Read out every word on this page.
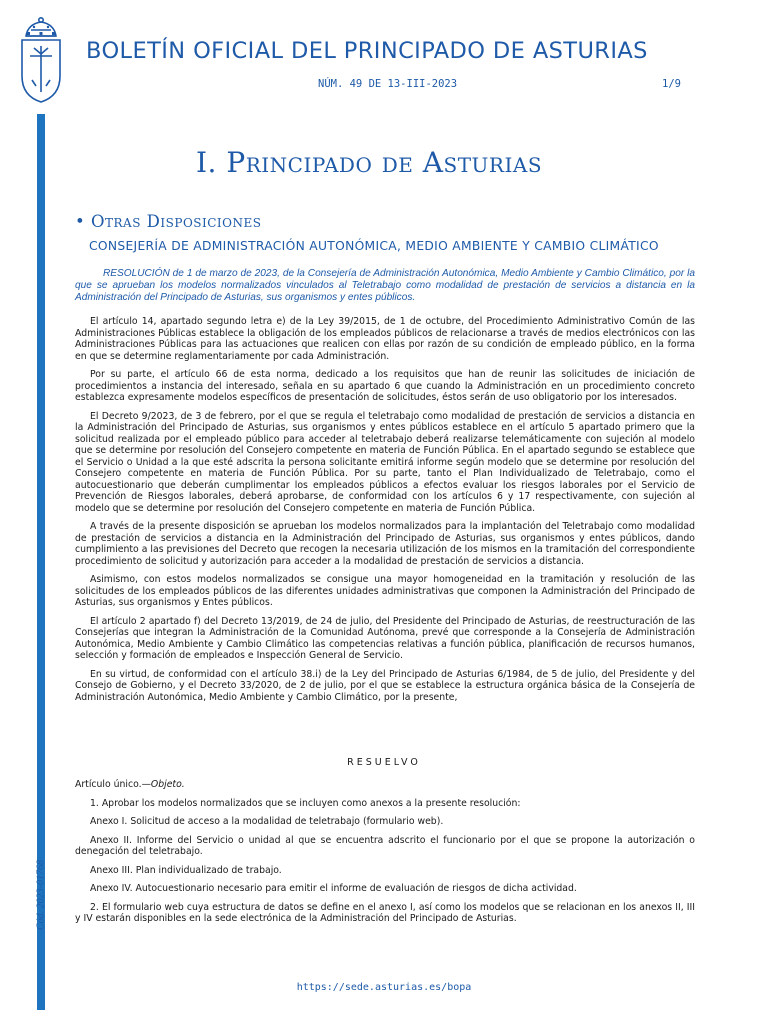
BOLETÍN OFICIAL DEL PRINCIPADO DE ASTURIAS
NÚM. 49 DE 13-III-2023	1/9
Cód. 2023-01768
I. Principado de Asturias
• Otras Disposiciones
CONSEJERÍA DE ADMINISTRACIÓN AUTONÓMICA, MEDIO AMBIENTE Y CAMBIO CLIMÁTICO
RESOLUCIÓN de 1 de marzo de 2023, de la Consejería de Administración Autonómica, Medio Ambiente y Cambio Climático, por la que se aprueban los modelos normalizados vinculados al Teletrabajo como modalidad de prestación de servicios a distancia en la Administración del Principado de Asturias, sus organismos y entes públicos.

El artículo 14, apartado segundo letra e) de la Ley 39/2015, de 1 de octubre, del Procedimiento Administrativo Común de las Administraciones Públicas establece la obligación de los empleados públicos de relacionarse a través de medios electrónicos con las Administraciones Públicas para las actuaciones que realicen con ellas por razón de su condición de empleado público, en la forma en que se determine reglamentariamente por cada Administración.

Por su parte, el artículo 66 de esta norma, dedicado a los requisitos que han de reunir las solicitudes de iniciación de procedimientos a instancia del interesado, señala en su apartado 6 que cuando la Administración en un procedimiento concreto establezca expresamente modelos específicos de presentación de solicitudes, éstos serán de uso obligatorio por los interesados.

El Decreto 9/2023, de 3 de febrero, por el que se regula el teletrabajo como modalidad de prestación de servicios a distancia en la Administración del Principado de Asturias, sus organismos y entes públicos establece en el artículo 5 apartado primero que la solicitud realizada por el empleado público para acceder al teletrabajo deberá realizarse telemáticamente con sujeción al modelo que se determine por resolución del Consejero competente en materia de Función Pública. En el apartado segundo se establece que el Servicio o Unidad a la que esté adscrita la persona solicitante emitirá informe según modelo que se determine por resolución del Consejero competente en materia de Función Pública. Por su parte, tanto el Plan Individualizado de Teletrabajo, como el autocuestionario que deberán cumplimentar los empleados públicos a efectos evaluar los riesgos laborales por el Servicio de Prevención de Riesgos laborales, deberá aprobarse, de conformidad con los artículos 6 y 17 respectivamente, con sujeción al modelo que se determine por resolución del Consejero competente en materia de Función Pública.

A través de la presente disposición se aprueban los modelos normalizados para la implantación del Teletrabajo como modalidad de prestación de servicios a distancia en la Administración del Principado de Asturias, sus organismos y entes públicos, dando cumplimiento a las previsiones del Decreto que recogen la necesaria utilización de los mismos en la tramitación del correspondiente procedimiento de solicitud y autorización para acceder a la modalidad de prestación de servicios a distancia.

Asimismo, con estos modelos normalizados se consigue una mayor homogeneidad en la tramitación y resolución de las solicitudes de los empleados públicos de las diferentes unidades administrativas que componen la Administración del Principado de Asturias, sus organismos y Entes públicos.

El artículo 2 apartado f) del Decreto 13/2019, de 24 de julio, del Presidente del Principado de Asturias, de reestructuración de las Consejerías que integran la Administración de la Comunidad Autónoma, prevé que corresponde a la Consejería de Administración Autonómica, Medio Ambiente y Cambio Climático las competencias relativas a función pública, planificación de recursos humanos, selección y formación de empleados e Inspección General de Servicio.

En su virtud, de conformidad con el artículo 38.i) de la Ley del Principado de Asturias 6/1984, de 5 de julio, del Presidente y del Consejo de Gobierno, y el Decreto 33/2020, de 2 de julio, por el que se establece la estructura orgánica básica de la Consejería de Administración Autonómica, Medio Ambiente y Cambio Climático, por la presente,

RESUELVO

Artículo único.—Objeto.

1. Aprobar los modelos normalizados que se incluyen como anexos a la presente resolución:

Anexo I. Solicitud de acceso a la modalidad de teletrabajo (formulario web).

Anexo II. Informe del Servicio o unidad al que se encuentra adscrito el funcionario por el que se propone la autorización o denegación del teletrabajo.

Anexo III. Plan individualizado de trabajo.

Anexo IV. Autocuestionario necesario para emitir el informe de evaluación de riesgos de dicha actividad.

2. El formulario web cuya estructura de datos se define en el anexo I, así como los modelos que se relacionan en los anexos II, III y IV estarán disponibles en la sede electrónica de la Administración del Principado de Asturias.

https://sede.asturias.es/bopa
